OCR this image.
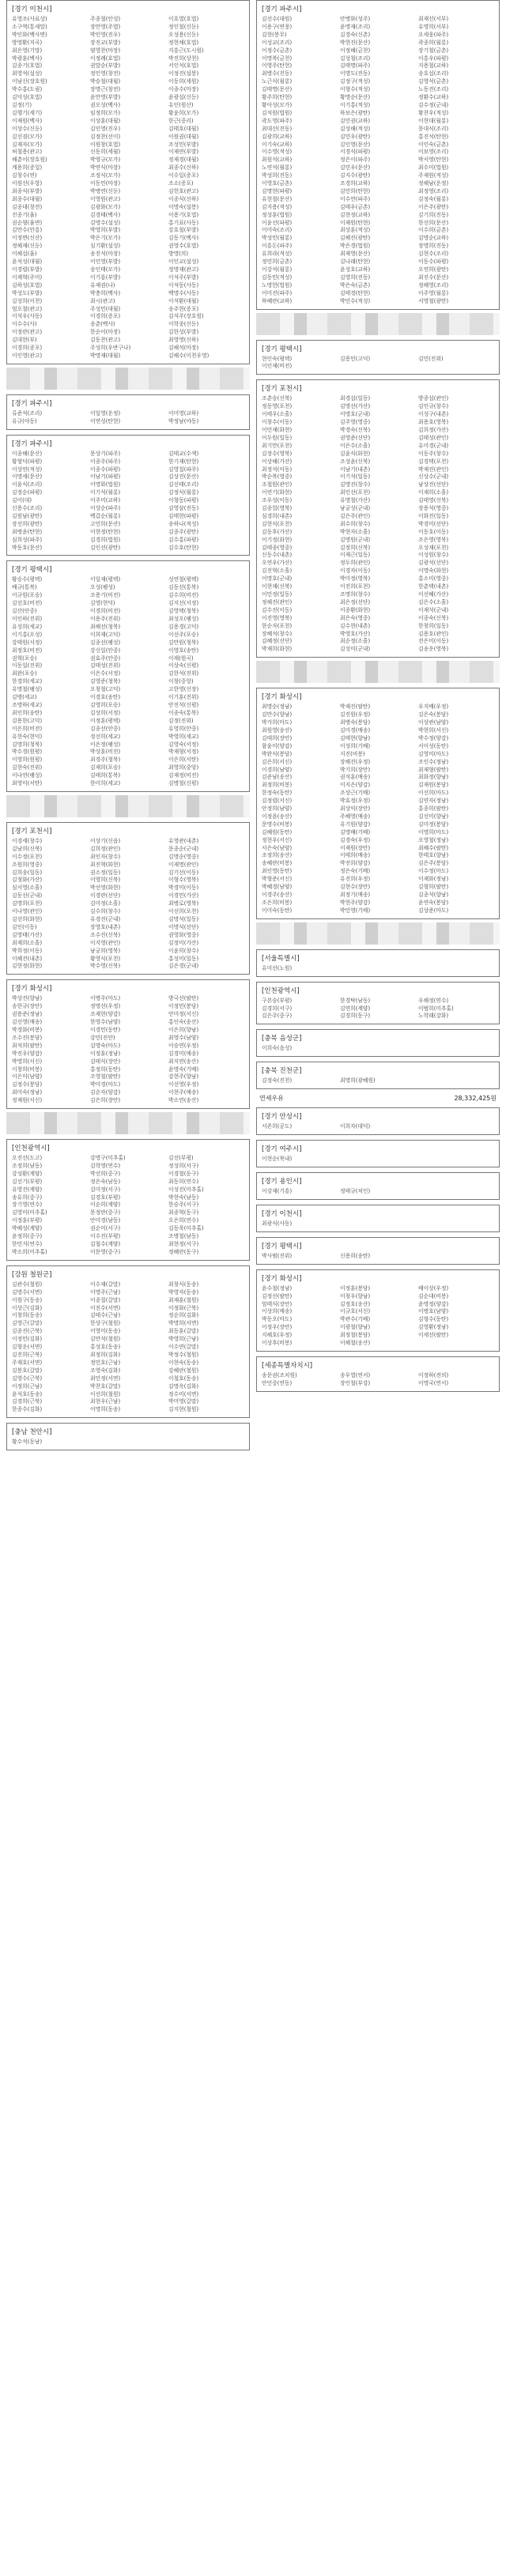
[경기 이천시]
유영조(사료상)	주종철(안성)	이호열(호법)
소구역(통새말)	장만영(주엽)	정인철(신둔)
박인화(백사면)	박인영(진우)	오성용(신둔)
방영환(지곡)	장진교(부발)	정현채(호법)
최은영(기망)	염영찬(마장)	지흥근(도시원)
박광훈(백사)	이정례(호법)	박진희(상천)
김종기(호법)	권말순(부발)	서인석(호법)
최영석(설성)	정인영(창전)	이정진(설봉)
이남신(장호원)	박승철(대월)	이동희(세원)
박수홍(도림)	장명근(창전)	이종수(마장)
김덕성(호법)	윤만영(부발)	윤광섭(신둔)
김정(기)	권오성(백사)	유인(원산)
김행기(세기)	임정희(모가)	황윤희(모가)
이재원(백사)	이상훈(대월)	한근(중리)
이상수(신둔)	김인영(진우)	김태호(대월)
김선겸(모가)	김정찬(선이)	이원권(대월)
김재자(모가)	이원창(호법)	조성민(부발)
허철용(관고)	신동희(세월)	이재연(부발)
해춘이(장호원)	박영규(모가)	정재경(대월)
계용희(증일)	박연식(마장)	최종수(신하)
김창수(연)	조정식(모가)	이수일(증포)
이원선(우항)	이동민(마장)	조소(증포)
최종식(부발)	박병연(신둔)	김헌호(관고)
최종수(대월)	이영원(관고)	이종식(신하)
김종대(창전)	김광화(모가)	이명숙(설봉)
진종기(율)	김경태(백사)	이용기(호법)
권순형(율면)	김명수(설성)	홍기표(사동)
김만수(안흥)	박영희(부발)	강호철(부발)
이정면(신산)	박은기(모가)	김동기(백사)
정해재(신둔)	심기환(설성)	권영수(호법)
이해섭(율)	송진석(마장)	방명(의)
윤석성(대월)	이인영(부발)	이인교(설성)
이경렬(부발)	송인태(모가)	정명재(관고)
이재혁(주미)	이기룡(부발)	이석주(부발)
김하성(호법)	유재권(나)	이석동(사동)
박성도(부발)	박충희(백사)	백명수(사동)
김성희(이천)	최시(관고)	이석환(대월)
엄오철(관고)	주성민(대월)	송주현(증포)
이석우(사동)	이경희(증포)	김석주(장호원)
이수수(사)	송춘(백사)	이학종(신둔)
이정란(관고)	한순이(마장)	김한성(부발)
김대현(부)	김동찬(관고)	최영영(신하)
이경희(증포)	주성희(우반구나)	김해석(마장)
이인영(관고)	박명재(대월)	김해수(이천우영)
[경기 파주시]
류준석(조리)	이일영(운정)	이미영(교하)
유규(야동)	이연성(탄현)	박정남(야동)
[경기 파주시]
이종해(문산)	문상기(파주)	김태교(수색)
황형덕(파평)	이종주(파주)	한기재(탄현)
이상연(적성)	이종수(파평)	김영칠(파주)
이명세(문산)	이남기(파평)	김상진(문산)
이윤식(조리)	이명화(법원)	김선태(조리)
김정순(파평)	이기석(월롱)	김정식(월롱)
김이(대)	이주미(교하)	이형동(파평)
신용수(조리)	이상순(파주)	김영삼(진동)
김원남(광탄)	백갑순(월롱)	김태현(파평)
장선희(광탄)	고민희(문산)	송하나(적성)
최병윤(탄현)	이현정(탄현)	김종주(광탄)
심희성(파주)	김경희(법원)	김수홍(파평)
박동호(문산)	김인선(광탄)	김수호(탄현)
[경기 평택시]
황승수(평택)	이일재(평택)	성연철(평택)
배규(통복)	오성(팽성)	김동선(통복)
이규원(포승)	조용기(비전)	김수희(비전)
김선호(비전)	김영(현덕)	김지선(서정)
김산(안중)	이경희(비전)	김영택(청북)
이인하(진위)	이용주(진위)	최성오(팽성)
유성희(세교)	최해선(청북)	김용경(고덕)
이기홍(오성)	이희재(고덕)	이선주(포승)
강태원(서정)	김종선(팽성)	김만원(청북)
최정호(비전)	강신일(안중)	이영호(송탄)
권혁(포승)	권효주(안중)	이제(원곡)
이동일(진위)	김태성(진위)	이상숙(신평)
최완(포승)	이은수(서정)	김한석(진위)
한경희(세교)	김영준(청북)	이창(중앙)
유명철(팽성)	오창철(고덕)	고한영(신장)
김병(세교)	이경호(송탄)	이기훈(진위)
조명하(세교)	김영희(포승)	안진석(신평)
최인희(송탄)	김상희(서정)	이종숙(통복)
김용한(고덕)	이정훈(평택)	김정(진위)
이은희(비전)	김종선(안중)	유영희(안중)
유현숙(현덕)	정선희(세교)	박영희(세교)
김명희(청북)	이은정(팽성)	김영숙(서정)
박수경(원평)	박상훈(비전)	박재형(서정)
이영희(원평)	최경주(청북)	이은희(서탄)
김현숙(진위)	김재희(포승)	최영희(중앙)
이나연(팽성)	김태희(통복)	김재정(비전)
최영미(서탄)	한미희(세교)	김병철(신평)
[경기 포천시]
이경세(창수)	이상기(신읍)	유영관(내촌)
김남희(신북)	김희정(관인)	문종순(군내)
이수정(포천)	최인자(창수)	김명순(영중)
조원희(영중)	최진혁(화현)	이재명(관인)
김희송(일동)	권소정(일동)	김기선(이동)
김정화(가산)	이영희(신북)	이형수(영북)
심서영(소흘)	박선영(화현)	박경미(이동)
김동선(군내)	이경란(선단)	이경민(가산)
김명희(포천)	김미정(소흘)	최병로(영북)
이나영(관인)	김수희(창수)	이선희(포천)
김선희(화현)	유경진(군내)	김명석(일동)
김인(이동)	장영호(내촌)	이명식(선단)
김영태(가산)	조수진(신북)	권영화(영중)
최재희(소흘)	이지영(관인)	김정미(가산)
박희정(이동)	남궁희(영북)	이윤희(창수)
이혜진(내촌)	황영식(포천)	홍성미(일동)
김현정(화현)	박수영(신북)	김은경(군내)
[경기 화성시]
박상진(향남)	이병주(마도)	방국선(팔탄)
송한규(장안)	정명선(우정)	이정민(봉담)
권용준(정남)	조재현(양감)	안미정(서신)
김선영(매송)	한영수(남양)	홍인숙(송산)
박경화(비봉)	이경민(동탄)	이은희(향남)
조수진(봉담)	강민(진안)	최영수(남양)
최석희(팔탄)	김명숙(마도)	이승연(우정)
박진우(양감)	이정훈(정남)	김경미(매송)
박영희(서신)	김태식(장안)	최지연(송산)
이창희(비봉)	홍정희(동탄)	윤명숙(기배)
이은미(남양)	조영철(팔탄)	강현주(향남)
김정수(봉담)	박미경(마도)	이선영(우정)
최미숙(정남)	김순자(양감)	이현주(매송)
정재원(서신)	김은희(장안)	박소연(송산)
[인천광역시]
오진선(도고)	강명구(미추홀)	김선(부평)
조정희(남동)	김학영(연수)	정성희(서구)
강성환(계양)	박선희(중구)	이경철(동구)
김선기(부평)	정은숙(남동)	최동희(연수)
유영진(계양)	김미정(서구)	이성진(미추홀)
송유희(중구)	김경호(부평)	박현숙(남동)
장기영(연수)	이순희(계양)	한승주(서구)
김영미(미추홀)	문정란(중구)	최종혁(동구)
이정훈(부평)	안미경(남동)	오은희(연수)
박해성(계양)	권순미(서구)	김동욱(미추홀)
윤정희(중구)	이수진(부평)	조병철(남동)
한민지(연수)	김철수(계양)	최현정(서구)
박소희(미추홀)	이문영(중구)	정혜란(동구)
[강원 철원군]
김관수(철원)	이수재(갈말)	최창식(동송)
김명수(서면)	이명주(근남)	박영자(동송)
이원구(동송)	이종칠(갈말)	최재훈(철원)
이상근(김화)	이진수(서면)	이정화(근북)
이창희(동송)	김태수(근남)	정순희(김화)
김영근(갈말)	한상구(철원)	박명희(서면)
김종진(근북)	이영미(동송)	최동훈(갈말)
이정민(김화)	김만석(철원)	박영희(근남)
김형운(서면)	홍성호(동송)	이수연(갈말)
김진희(근북)	최정희(김화)	박정수(철원)
주재호(서면)	정민호(근남)	이현숙(동송)
김봉호(갈말)	조영숙(김화)	강혜란(철원)
김영수(근북)	최민정(서면)	이철호(동송)
이정희(근남)	박찬호(갈말)	김명옥(김화)
윤석호(동송)	이선희(철원)	정수미(서면)
김경희(근북)	최현우(근남)	박미영(갈말)
한종수(김화)	이명희(동송)	김지현(철원)
[충남 천안시]
황수석(동남)
[경기 파주시]
김선수(대원)	안병화(성주)	최재선(서부)
이용구(연풍)	윤명재(조리)	유명희(서부)
김현(봉무)	김경숙(신촌)	오세웅(파주)
이성교(조리)	박현진(문산)	곽종희(월롱)
이정수(금촌)	이정해(금천)	장기철(금촌)
이명복(금천)	김성철(조리)	이흥우(파평)
이영주(탄현)	김태명(파주)	지용철(교하)
최병수(진동)	이명도(진동)	송호섭(조리)
노근식(월롱)	김정구(적성)	김영석(금촌)
김태명(문산)	이형수(적성)	노동진(조리)
황주희(탄현)	황명순(문산)	정환수(교하)
황아성(모가)	이기홍(적성)	김수정(군내)
김석원(법원)	하보은(광탄)	황찬우(적성)
곽도영(파주)	김민권(교하)	이현대(월롱)
최대선(진동)	김성해(적성)	문대식(조리)
김광희(교하)	김민우(광탄)	홍진석(탄현)
이기숙(교하)	김인영(문산)	이인숙(금촌)
이수영(적성)	서경식(파평)	이보영(조리)
최원석(교하)	정은이(파주)	박서영(탄현)
노연석(월롱)	김민우(문산)	최수미(법원)
박성희(진동)	김지수(광탄)	주재원(적성)
이영호(금촌)	조경희(교하)	정해남(운정)
김명현(파평)	김민희(탄현)	최정영(조리)
유현철(문산)	이수연(파주)	김정숙(월롱)
김지용(적성)	김태우(금촌)	이은주(광탄)
정성훈(법원)	김현정(교하)	김기희(진동)
이윤선(파평)	이재원(탄현)	한선희(문산)
이미숙(조리)	최상훈(적성)	이수희(금촌)
박성민(월롱)	김해진(광탄)	김명순(교하)
이흥돈(파주)	박은경(법원)	장명희(진동)
유희라(적성)	최재영(문산)	김현수(조리)
정민희(금촌)	김나래(탄현)	이동수(파평)
이강석(월롱)	윤성호(교하)	오연희(광탄)
김동민(적성)	김영희(진동)	최진수(문산)
노명헌(법원)	박은숙(금촌)	정혜영(조리)
이미진(파주)	김태경(탄현)	이주영(월롱)
하혜란(교하)	박민수(적성)	서명철(광탄)
[경기 평택시]
현인숙(평택)	김용민(고덕)	김민(진위)
이인재(비전)
[경기 포천시]
조춘승(신북)	최경섭(일동)	방종섭(관인)
정동영(포천)	김명선(가산)	김인규(창수)
이태우(소흘)	이명호(군내)	이성구(내촌)
이창수(이동)	김주영(영중)	최용호(영북)
이민재(화현)	박경숙(신북)	김희정(가산)
이두원(일동)	권영준(선단)	김태성(관인)
최기만(포천)	이은수(소흘)	유미경(군내)
김장수(영북)	김윤식(화현)	이동주(창수)
이상해(가산)	조성윤(신북)	김경택(포천)
최정석(이동)	이남기(내촌)	박재진(관인)
박순복(영중)	이기석(일동)	신상수(군내)
조철원(관인)	김명진(창수)	남상진(선단)
이연기(화현)	최인선(포천)	이재희(소흘)
조우성(이동)	유명철(가산)	김태영(신북)
김종업(영북)	남궁성(군내)	장용석(영중)
심경희(내촌)	김은주(관인)	이화진(일동)
김현식(포천)	최수희(창수)	박경미(선단)
김동후(가산)	박현자(소흘)	이동호(이동)
이기정(화현)	김명원(군내)	조은영(영북)
김태종(영중)	김정희(신북)	오성재(포천)
신동수(내촌)	이재근(일동)	이성원(창수)
오연우(가산)	정두희(관인)	김광석(선단)
김진혁(소흘)	이경자(이동)	이명숙(화현)
이명호(군내)	박미정(영북)	홍소미(영중)
이현재(신북)	이진희(포천)	한춘택(내촌)
이민정(일동)	조명희(창수)	이선혜(가산)
정해진(관인)	최은정(선단)	김은수(소흘)
김수진(이동)	이종환(화현)	이재석(군내)
이진영(영북)	최은숙(영중)	이종숙(신북)
한순자(포천)	김수현(내촌)	한창희(일동)
장혜석(창수)	박영호(가산)	김용호(관인)
김혜정(선단)	최순정(소흘)	전은미(이동)
박재희(화현)	김성미(군내)	김송운(영북)
[경기 화성시]
최명순(정남)	박재진(팔탄)	우지배(우정)
김만수(향남)	김진원(우정)	김은숙(봉담)
박가희(마도)	최병숙(봉담)	이상관(남양)
최원영(송산)	김미경(매송)	박현희(서신)
김태희(장안)	김태현(향남)	박수정(양감)
함윤미(양감)	이성희(기배)	서이성(동탄)
박완식(봉담)	지진(비봉)	김영미(마도)
김은희(서신)	장해진(우정)	조인수(정남)
이경희(남양)	박기희(장안)	최재형(팔탄)
김준남(송산)	권석훈(매송)	최화정(향남)
최정희(비봉)	이지은(양감)	김재원(봉담)
한정숙(동탄)	조상근(기배)	이선희(마도)
김정렬(서신)	박효정(우정)	김연자(정남)
안정희(남양)	최상익(장안)	홍종희(팔탄)
이정윤(송산)	주혜영(매송)	김선미(향남)
문명수(비봉)	유기원(양감)	김미정(봉담)
김혜원(동탄)	김명배(기배)	이명희(마도)
정현우(서신)	김경숙(우정)	오영철(정남)
서은숙(남양)	이재원(장안)	최혜수(팔탄)
조정희(송산)	이태희(매송)	한태호(향남)
송혜란(비봉)	박진희(양감)	김은주(봉담)
최인영(동탄)	정은숙(기배)	이수정(마도)
박형준(서신)	유진희(우정)	이재화(정남)
박혜경(남양)	김현수(장안)	김형희(팔탄)
이경주(송산)	최정기(매송)	김종석(향남)
조은희(비봉)	박현주(양감)	윤연숙(봉담)
이미숙(동탄)	박민영(기배)	김상준(마도)
[서울특별시]
유미선(노원)
[인천광역시]
구본승(부평)	한경탁(남동)	우해정(연수)
김경희(서구)	김연희(계양)	이범희(미추홀)
김은주(중구)	김경희(동구)	노학래(강화)
[충북 음성군]
이희숙(음성)
[충북 진천군]
김정숙(진천)	최명희(광혜원)
연세우유	28,332,425원
[경기 안성시]
서존희(공도)	이희자(대덕)
[경기 여주시]
이현순(북내)
[경기 용인시]
이강재(기흥)	정태규(처인)
[경기 이천시]
최광식(사동)
[경기 평택시]
박사범(진위)	신용희(송탄)
[경기 화성시]
윤수철(정남)	이정훈(봉담)	배이상(우정)
김정선(팔탄)	이창우(향남)	김순대(비봉)
엄태식(장안)	김정호(송산)	윤명정(양감)
이상희(매송)	이규호(서신)	이병호(남양)
박동오(마도)	박관수(기배)	김형수(동탄)
이정우(장안)	이광철(향남)	김영환(정남)
지해호(우정)	최정철(봉담)	이세선(팔탄)
이상후(비봉)	이해철(송산)
[세종특별자치시]
송문권(조치원)	송우열(연서)	이정하(전의)
안민중(연동)	장인철(부강)	이명국(연서)
